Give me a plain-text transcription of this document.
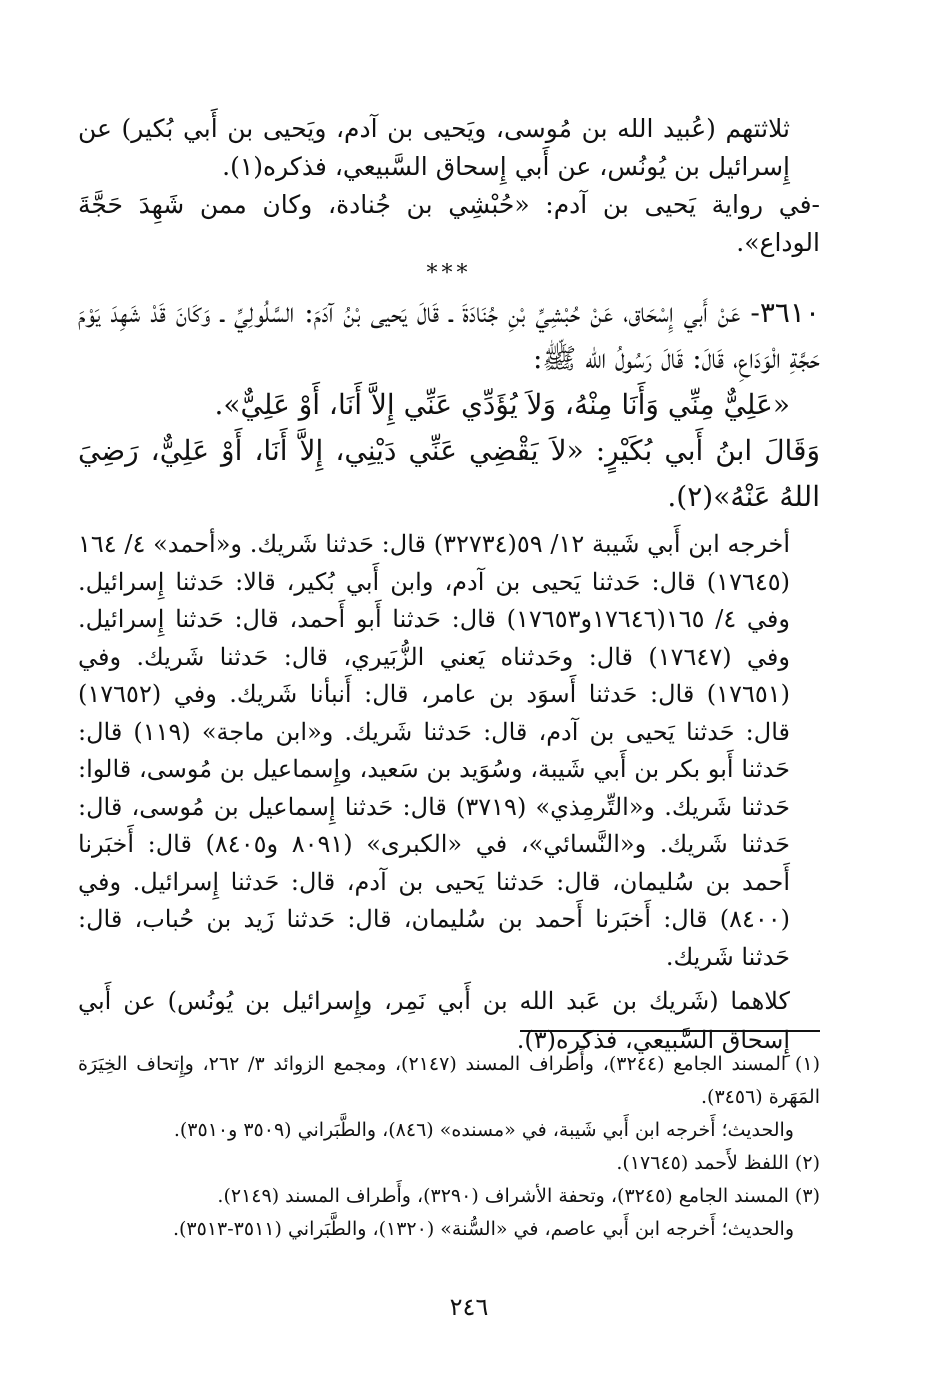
ثلاثتهم (عُبيد الله بن مُوسى، ويَحيى بن آدم، ويَحيى بن أَبي بُكير) عن إِسرائيل بن يُونُس، عن أَبي إِسحاق السَّبيعي، فذكره(١).

-في رواية يَحيى بن آدم: «حُبْشِي بن جُنادة، وكان ممن شَهِدَ حَجَّةَ الوداع».

***

٣٦١٠- عَنْ أَبي إِسْحَاق، عَنْ حُبْشِيِّ بْنِ جُنَادَةَ ـ قَالَ يَحيى بْنُ آدَمَ: السَّلُولِيِّ ـ وَكَانَ قَدْ شَهِدَ يَوْمَ حَجَّةِ الْوَدَاعِ، قَالَ: قَالَ رَسُولُ الله ﷺ:

«عَلِيٌّ مِنِّي وَأَنَا مِنْهُ، وَلاَ يُؤَدِّي عَنِّي إِلاَّ أَنَا، أَوْ عَلِيٌّ».

وَقَالَ ابنُ أَبي بُكَيْرٍ: «لاَ يَقْضِي عَنِّي دَيْنِي، إِلاَّ أَنَا، أَوْ عَلِيٌّ، رَضِيَ اللهُ عَنْهُ»(٢).

أخرجه ابن أَبي شَيبة ١٢/ ٥٩(٣٢٧٣٤) قال: حَدثنا شَريك. و«أحمد» ٤/ ١٦٤ (١٧٦٤٥) قال: حَدثنا يَحيى بن آدم، وابن أَبي بُكير، قالا: حَدثنا إِسرائيل. وفي ٤/ ١٦٥(١٧٦٤٦و١٧٦٥٣) قال: حَدثنا أَبو أَحمد، قال: حَدثنا إِسرائيل. وفي (١٧٦٤٧) قال: وحَدثناه يَعني الزُّبَيري، قال: حَدثنا شَريك. وفي (١٧٦٥١) قال: حَدثنا أَسوَد بن عامر، قال: أَنبأنا شَريك. وفي (١٧٦٥٢) قال: حَدثنا يَحيى بن آدم، قال: حَدثنا شَريك. و«ابن ماجة» (١١٩) قال: حَدثنا أَبو بكر بن أَبي شَيبة، وسُوَيد بن سَعيد، وإِسماعيل بن مُوسى، قالوا: حَدثنا شَريك. و«التِّرمِذي» (٣٧١٩) قال: حَدثنا إِسماعيل بن مُوسى، قال: حَدثنا شَريك. و«النَّسائي»، في «الكبرى» (٨٠٩١ و٨٤٠٥) قال: أَخبَرنا أَحمد بن سُليمان، قال: حَدثنا يَحيى بن آدم، قال: حَدثنا إِسرائيل. وفي (٨٤٠٠) قال: أَخبَرنا أَحمد بن سُليمان، قال: حَدثنا زَيد بن حُباب، قال: حَدثنا شَريك.

كلاهما (شَريك بن عَبد الله بن أَبي نَمِر، وإِسرائيل بن يُونُس) عن أَبي إِسحاق السَّبيعي، فذكره(٣).

(١) المسند الجامع (٣٢٤٤)، وأَطراف المسند (٢١٤٧)، ومجمع الزوائد ٣/ ٢٦٢، وإِتحاف الخِيَرَة المَهَرة (٣٤٥٦).

والحديث؛ أَخرجه ابن أَبي شَيبة، في «مسنده» (٨٤٦)، والطَّبَراني (٣٥٠٩ و٣٥١٠).

(٢) اللفظ لأَحمد (١٧٦٤٥).

(٣) المسند الجامع (٣٢٤٥)، وتحفة الأشراف (٣٢٩٠)، وأَطراف المسند (٢١٤٩).

والحديث؛ أَخرجه ابن أَبي عاصم، في «السُّنة» (١٣٢٠)، والطَّبَراني (٣٥١١-٣٥١٣).

٢٤٦
